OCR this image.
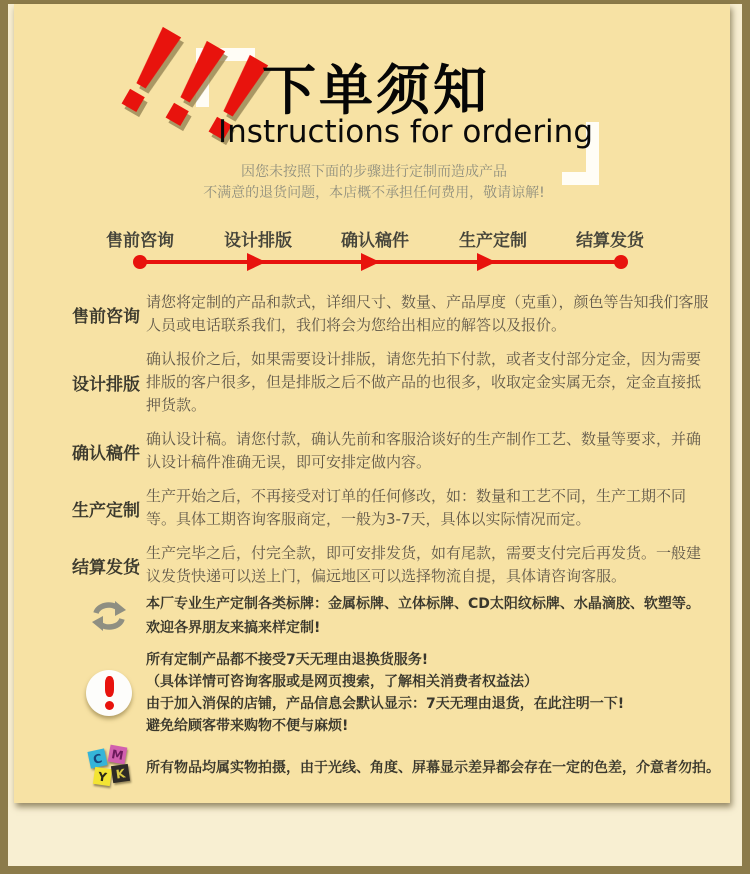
下单须知
Instructions for ordering
因您未按照下面的步骤进行定制而造成产品
不满意的退货问题，本店概不承担任何费用，敬请谅解!
售前咨询	设计排版	确认稿件	生产定制	结算发货
售前咨询
请您将定制的产品和款式，详细尺寸、数量、产品厚度（克重），颜色等告知我们客服人员或电话联系我们，我们将会为您给出相应的解答以及报价。
设计排版
确认报价之后，如果需要设计排版，请您先拍下付款，或者支付部分定金，因为需要排版的客户很多，但是排版之后不做产品的也很多，收取定金实属无奈，定金直接抵押货款。
确认稿件
确认设计稿。请您付款，确认先前和客服洽谈好的生产制作工艺、数量等要求，并确认设计稿件准确无误，即可安排定做内容。
生产定制
生产开始之后，不再接受对订单的任何修改，如：数量和工艺不同，生产工期不同等。具体工期咨询客服商定，一般为3-7天，具体以实际情况而定。
结算发货
生产完毕之后，付完全款，即可安排发货，如有尾款，需要支付完后再发货。一般建议发货快递可以送上门，偏远地区可以选择物流自提，具体请咨询客服。
本厂专业生产定制各类标牌：金属标牌、立体标牌、CD太阳纹标牌、水晶滴胶、软塑等。
欢迎各界朋友来搞来样定制!
所有定制产品都不接受7天无理由退换货服务!
（具体详情可咨询客服或是网页搜索，了解相关消费者权益法）
由于加入消保的店铺，产品信息会默认显示：7天无理由退货，在此注明一下!
避免给顾客带来购物不便与麻烦!
C M
Y K 所有物品均属实物拍摄，由于光线、角度、屏幕显示差异都会存在一定的色差，介意者勿拍。
